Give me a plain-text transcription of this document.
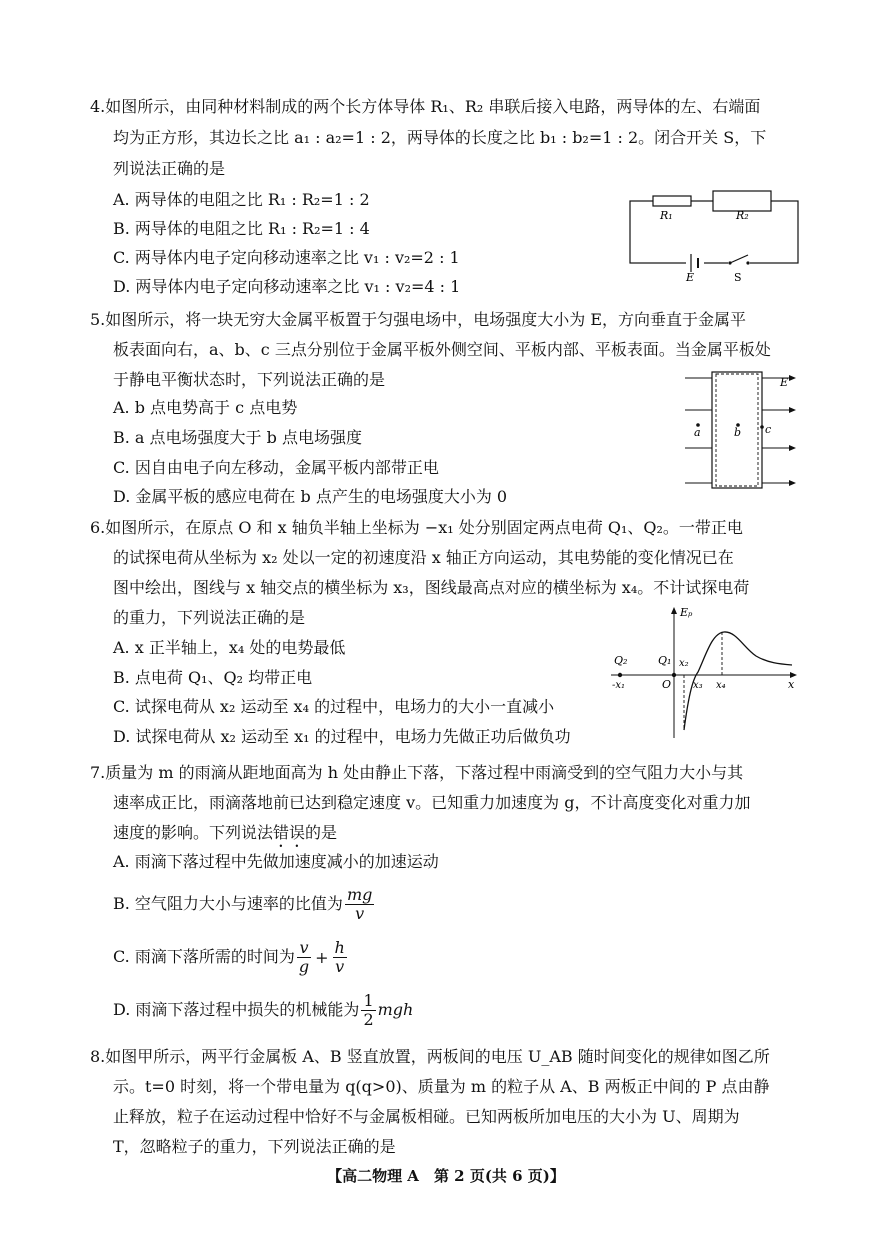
4.如图所示，由同种材料制成的两个长方体导体 R₁、R₂ 串联后接入电路，两导体的左、右端面
均为正方形，其边长之比 a₁ : a₂=1 : 2，两导体的长度之比 b₁ : b₂=1 : 2。闭合开关 S，下
列说法正确的是
A. 两导体的电阻之比 R₁ : R₂=1 : 2
B. 两导体的电阻之比 R₁ : R₂=1 : 4
C. 两导体内电子定向移动速率之比 v₁ : v₂=2 : 1
D. 两导体内电子定向移动速率之比 v₁ : v₂=4 : 1
R₁	R₂
E	S
5.如图所示，将一块无穷大金属平板置于匀强电场中，电场强度大小为 E，方向垂直于金属平
板表面向右，a、b、c 三点分别位于金属平板外侧空间、平板内部、平板表面。当金属平板处
于静电平衡状态时，下列说法正确的是
A. b 点电势高于 c 点电势
B. a 点电场强度大于 b 点电场强度
C. 因自由电子向左移动，金属平板内部带正电
D. 金属平板的感应电荷在 b 点产生的电场强度大小为 0
E
a	b c
6.如图所示，在原点 O 和 x 轴负半轴上坐标为 −x₁ 处分别固定两点电荷 Q₁、Q₂。一带正电
的试探电荷从坐标为 x₂ 处以一定的初速度沿 x 轴正方向运动，其电势能的变化情况已在
图中绘出，图线与 x 轴交点的横坐标为 x₃，图线最高点对应的横坐标为 x₄。不计试探电荷
的重力，下列说法正确的是
A. x 正半轴上，x₄ 处的电势最低
B. 点电荷 Q₁、Q₂ 均带正电
C. 试探电荷从 x₂ 运动至 x₄ 的过程中，电场力的大小一直减小
D. 试探电荷从 x₂ 运动至 x₁ 的过程中，电场力先做正功后做负功
Eₚ
Q₂
-x₁
Q₁
O
x₂
x₃ x₄	x
7.质量为 m 的雨滴从距地面高为 h 处由静止下落，下落过程中雨滴受到的空气阻力大小与其
速率成正比，雨滴落地前已达到稳定速度 v。已知重力加速度为 g，不计高度变化对重力加
速度的影响。下列说法错误的是
A. 雨滴下落过程中先做加速度减小的加速运动
B. 空气阻力大小与速率的比值为 $\frac{mg}{v}$
C. 雨滴下落所需的时间为 $\frac{v}{g} + \frac{h}{v}$
D. 雨滴下落过程中损失的机械能为 $\frac{1}{2}$ mgh
8.如图甲所示，两平行金属板 A、B 竖直放置，两板间的电压 U_AB 随时间变化的规律如图乙所
示。t=0 时刻，将一个带电量为 q(q>0)、质量为 m 的粒子从 A、B 两板正中间的 P 点由静
止释放，粒子在运动过程中恰好不与金属板相碰。已知两板所加电压的大小为 U、周期为
T，忽略粒子的重力，下列说法正确的是
【高二物理 A　第 2 页(共 6 页)】
